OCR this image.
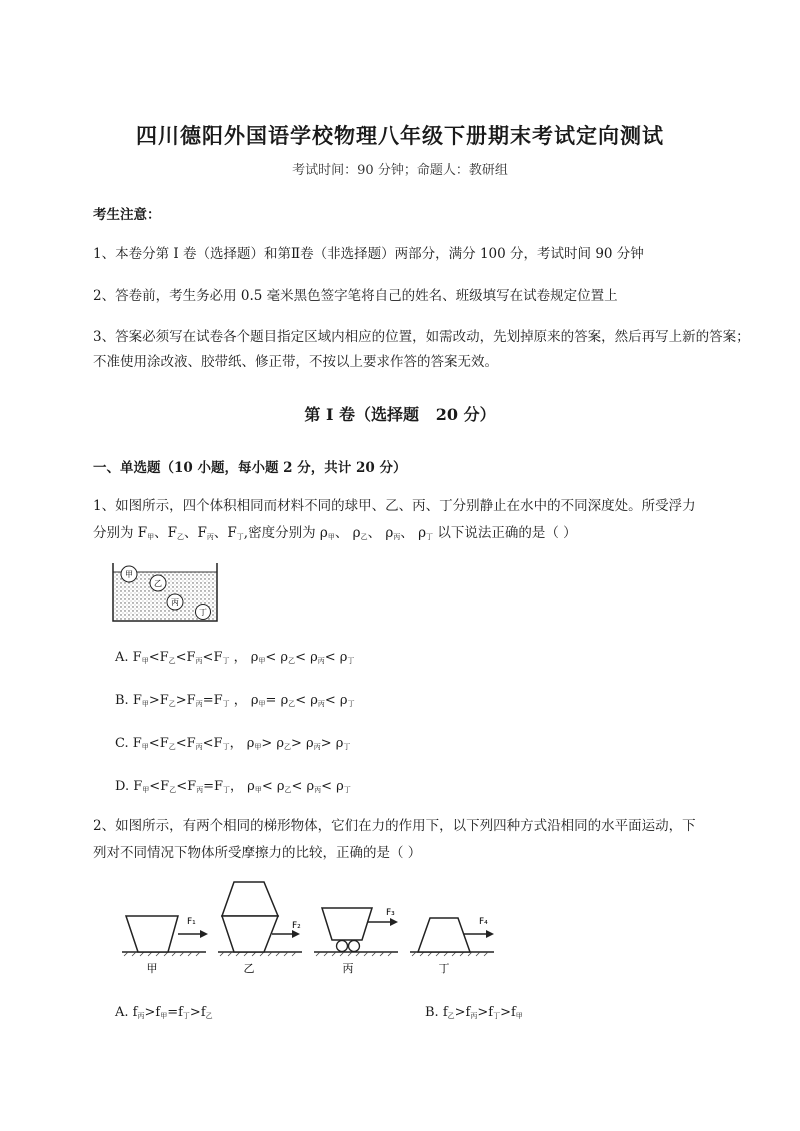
四川德阳外国语学校物理八年级下册期末考试定向测试
考试时间：90 分钟；命题人：教研组
考生注意：
1、本卷分第 I 卷（选择题）和第Ⅱ卷（非选择题）两部分，满分 100 分，考试时间 90 分钟
2、答卷前，考生务必用 0.5 毫米黑色签字笔将自己的姓名、班级填写在试卷规定位置上
3、答案必须写在试卷各个题目指定区域内相应的位置，如需改动，先划掉原来的答案，然后再写上新的答案；不准使用涂改液、胶带纸、修正带，不按以上要求作答的答案无效。
第 I 卷（选择题   20 分）
一、单选题（10 小题，每小题 2 分，共计 20 分）
1、如图所示，四个体积相同而材料不同的球甲、乙、丙、丁分别静止在水中的不同深度处。所受浮力
分别为 $F_甲$、$F_乙$、$F_丙$、$F_丁$,密度分别为 $\rho_甲$、 $\rho_乙$、 $\rho_丙$、 $\rho_丁$ 以下说法正确的是（ ）
甲
乙
丙
丁
A. $F_甲<F_乙<F_丙<F_丁$ ， $\rho_甲< \rho_乙< \rho_丙< \rho_丁$
B. $F_甲>F_乙>F_丙=F_丁$ ， $\rho_甲= \rho_乙< \rho_丙< \rho_丁$
C. $F_甲<F_乙<F_丙<F_丁$， $\rho_甲> \rho_乙> \rho_丙> \rho_丁$
D. $F_甲<F_乙<F_丙=F_丁$， $\rho_甲< \rho_乙< \rho_丙< \rho_丁$
2、如图所示，有两个相同的梯形物体，它们在力的作用下，以下列四种方式沿相同的水平面运动，下
列对不同情况下物体所受摩擦力的比较，正确的是（ ）
F₁
甲
F₂
乙
F₃
丙
F₄
丁
A. $f_丙>f_甲=f_丁>f_乙$	B. $f_乙>f_丙>f_丁>f_甲$
